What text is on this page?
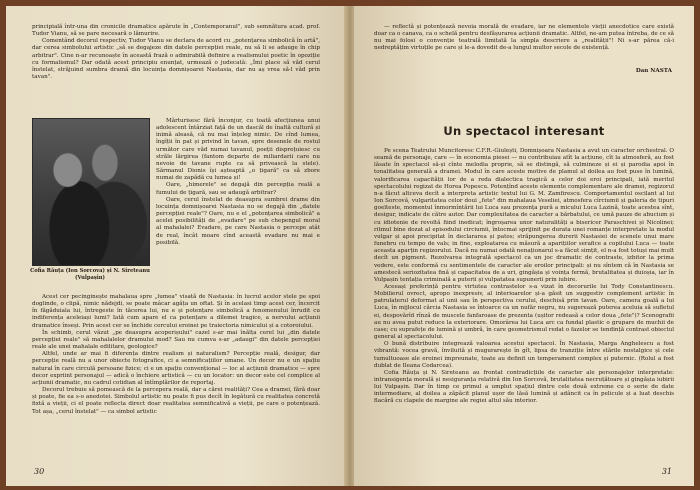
principială într-una din cronicile dramatice apărute în „Contemporanul", sub semnătura acad. prof. Tudor Vianu, să se pare necesară o lămurire.

Comentând decorul respectiv, Tudor Vianu se declara de acord cu „potențarea simbolică în artă", dar cerea simbolului artistic „să se degajeze din datele percepției reale, nu să li se adauge în chip arbitrar". Cine n-ar recunoaște în această frază o admirabilă definire a realismului poetic în opoziție cu formalismul? Dar odată acest principiu enunțat, urmează o judecată: „Îmi place să văd cerul înstelat, străjuind sumbra dramă din locuința domnișoarei Nastasia, dar nu aș vrea să-l văd prin tavan".

Cofia Răuța (Ion Sorcova) și N. Sireteanu (Vulpașin)

Mărturisesc fără înconjur, cu toată afecțiunea unui adolescent întârziat față de un dascăl de înaltă cultură și inimă aleasă, că nu mai înțeleg nimic. De cînd lumea, îngîții în pat și privind în tavan, spre desenele de rostul următor care văd numai tavanul, poeții disprețuiesc cu străle lărgirea (fantom departe de miliardarii care nu nevoie de tavane rupte ca să privească la stele). Sărmanul Dionis își așteaptă „o țigară" ca să zbore numai de zapădă cu lumea și!

Oare, „himerele" se degajă din percepția reală a fumului de țigară, sau se adaugă arbitrar?

Oare, cerul înstelat de deasupra sumbrei drame din locuința domnișoarei Nastasia nu se degajă din „datele percepției reale"? Oare, nu e el „potențarea simbolică" a acelei posibilități de „evadare" pe sub chepengul moral al mahalalei? Evadare, pe care Nastasia o percepe atât de real, încât moare cînd această evadare nu mai e posibilă.

Acest cer pecinginește mahalaua spre „lumea" visată de Nastasia: în lucrul acelor stele pe spoi doglinde, o clipă, nimic nădejdi, se poate mâcar agăța un oftat. Și în acelasi timp acest cer, încercit în făgăduiala lui, întregeste în tăcerea lui, nu e și potențare simbolică a fenomenului înrudit cu indiferența aceleiași lumi? Iată cum apare el ca potențare a dilemei tragice, a nervului acțiunii dramatice înseși. Prin acest cer se închide cercului eroinei pe traiectoria nimicului și a cotoroiului.

În schimb, cerul văzut „pe deasupra acoperișului" cazel s-ar mai înălța cerel lui „din datele percepției reale" să mahalalelor dramului mod? Sau nu cumva s-ar „adaugi" din datele percepției reale ale unei mahalale edilitare, geologice?

Altfel, unde ar mai fi diferența dintre realism și naturalism? Percepție reală, desigur, dar percepție reală nu a unor obiecte fotografice, ci a semnificațiilor umane. Un decor nu e un spațiu natural în care circulă persoane fizice; ci e un spațiu convențional — loc al acțiunii dramatice — spre decor expriint personajul — adică o închiere artistică — cu un locator: un decor este cel complice al acțiunii dramatic, nu cadrul cotidian al întîmplărilor de reportaj.

Decorul trebuie să pomească de la percepera reală, dar a cărei realități? Cea a dramei, fără doar și poate, fie ea s-o anedotei. Simbolul artistic nu poate fi pus decît în legătură cu realitatea concretă fixtă a vieții, ci el poate reflecta direct doar realitatea semnificativă a vieții, pe care o potențează. Tot așa, „cerul înstelat" — ca simbol artistic

30

— reflectă și potențează nevoia morală de evadare, iar ne elementele vieții anecdotice care există doar ca o canava, ca o schelă pentru desfășurarea acțiunii dramatic. Altfel, ne-am putea întreba, de ce să nu mai folosi o convenție teatrală limitată la simpla descriere a „realității"! Ni s-ar părea că-i nedreptățim virtuțile pe care și le-a dovedit de-a lungul multor secole de existență.

Dan NASTA
Un spectacol interesant

Pe scena Teatrului Muncitoresc C.F.R.-Giulești, Domnișoara Nastasia a avut un caracter orchestral. O seamă de personaje, care — în economia piesei — nu contribuiau atît la acțiune, cît la atmosferă, au fost lăsate în spectacol să-și cînte melodia proprie, să se distingă, să culmineze și ei și parodia apoi în tonalitatea generală a dramei. Modul în care aceste motive de plamul al doilea au fost puse în lumină, valorificarea capacității lor de a reda dialectica tragică a celor doi eroi principali, iată meritul spectacolului regizat de Horea Popescu. Potențînd aceste elemente complementare ale dramei, regizorul n-a făcut altceva decît a interpreta artistic textul lui G. M. Zamfirescu. Comportamentul oscilant al lui Ion Sorcovă, vulgaritatea celor doui „fete" din mahalaua Veseliei, atmosfera cîrciumii și galeria de tipuri goelteste, momentul înmormîntării lui Luca sau prezența pură a micului Luca Lazină, toate acestea sînt, desigur, indicate de către autor. Dar complexitatea de caracter a bărbatului, ce umă pauze de abucium și cu idiotenie de revoltă fiind inedicat; îngroșarea unor naturalități a bisericer Paraschivei și Nicolinei; ritmul bine dozat al episodului circiumii, întocmai sprijinit pe durata unei romanțe interpretate la modul vulgar și apoi precipitat în declararea și patos; străpungerea durerii Nastasiei de scenele unui mare funebru cu tempo de vals; in fine, exploatarea cu măsură a aparițiilor serafice a copilului Luca — toate aceasta aparțin regizorului. Dacă nu numai odată nenaționarul s-a făcut simțit, el n-a fost totuși mai mult decît un pigment. Rezolvarea integrală spectacol ca un joc dramatic de contraste, izbitor la prima vedere, este conformă cu sentimentele de caracter ale eroilor principali: și nu sîntem că în Nastasia se amestecă seriozitatea fină și capacitatea de a uri, gingășia și voința fermă, brutalitatea și duioșia, iar în Vulpașin tentația criminală a puterii și vulpatatea supunerii prin iubire.

Aceeași preferință pentru virtutea contrastelor s-a vizat în decorurile lui Tody Constantinescu. Mobilierul ovrect, apropo inexpresiv, al interioarelor și-a găsit un suggestiv complement artistic în patrulaterul deformat al unii sau în perspectiva cerului, deschisă prin tavan. Oare, camera goală a lui Luca, în mijlocul cărcia Nastasia se întoarce ca un nufăr negru, nu sugerează puterea aceluia să sufletul ei, despovărîd rînză de muscele fanfaroase de prezenta (ușitor redeasă a celor doua „fete")? Scenografii au nu avea putut reduce la exteriorare. Omorârea lui Luca arc ca fundal plastic o grupare de muchii de case; cu suprafețe de lumină și umbră, în care geometrismul redat o fazelor se tendință contrast obiectul general al spectacolului.

O bună distribuire integrează valoarea acestui spectacol. În Nastasia, Marga Anghelescu a fost vibrantă: vocea gravă, înviluită și mugurarește în gît, lipsa de tranziție între stările nostalgice și cele tumultuoase ale eroinei impreunate, toate au definit un temperament complex și puternic. (Rolul a fost dublat de Ileana Codarcea).

Cofia Răuța și N. Sireteanu au frontat contradicțiile de caracter ale personajelor interpretate: intransigența morală și nesiguranța relativă din Ion Sorcovă, brutalitatea necruțătoare și gingășia iubirii lui Vulpașin. Dar în timp ce primul a umplut spațiul dintre cele două extreme cu o serie de date intermediare, al doilea a zăpăcit planul ușor de lăsă lumină și adâncit ca în pelicule și a luat deschis flacără cu clapele de margine ale regiei altul său interior.

31
